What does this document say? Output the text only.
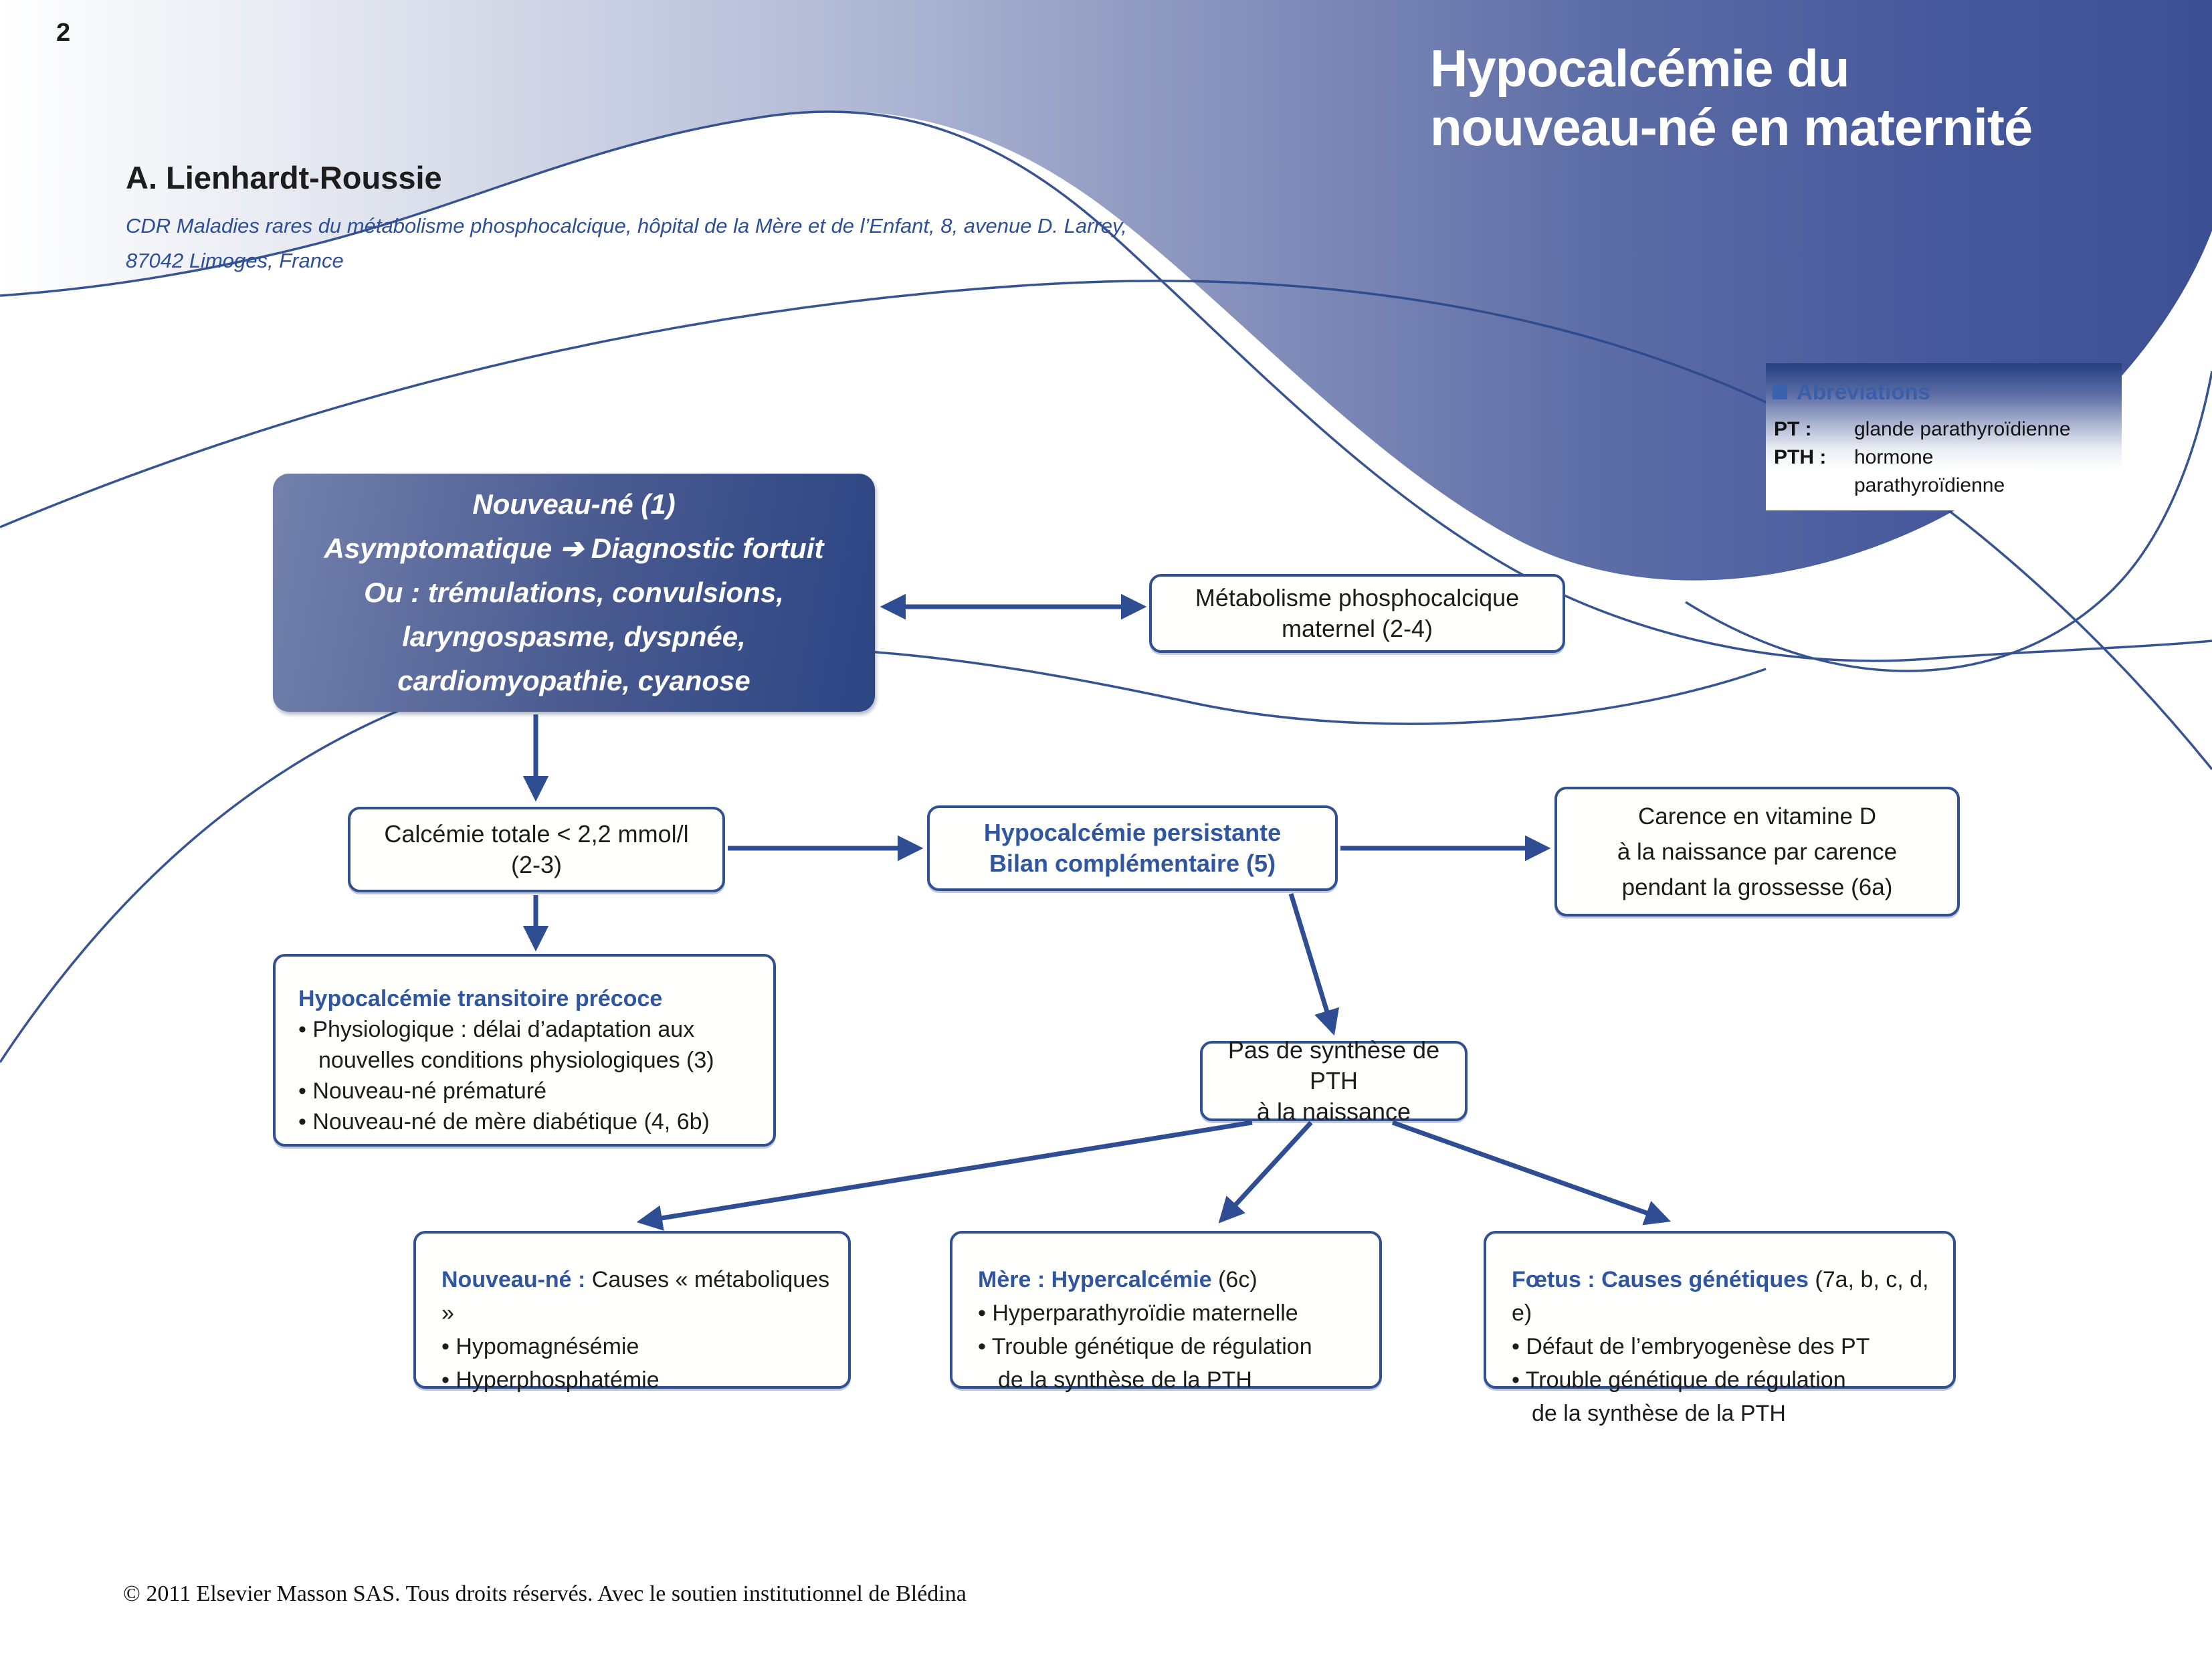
2
Hypocalcémie du
nouveau-né en maternité
A. Lienhardt-Roussie
CDR Maladies rares du métabolisme phosphocalcique, hôpital de la Mère et de l’Enfant, 8, avenue D. Larrey,
87042 Limoges, France
Abréviations
PT : glande parathyroïdienne
PTH : hormone
parathyroïdienne
Nouveau-né (1)
Asymptomatique ➔ Diagnostic fortuit
Ou : trémulations, convulsions,
laryngospasme, dyspnée,
cardiomyopathie, cyanose
Métabolisme phosphocalcique
maternel (2-4)
Calcémie totale < 2,2 mmol/l
(2-3)
Hypocalcémie persistante
Bilan complémentaire (5)
Carence en vitamine D
à la naissance par carence
pendant la grossesse (6a)
Hypocalcémie transitoire précoce
• Physiologique : délai d’adaptation aux
nouvelles conditions physiologiques (3)
• Nouveau-né prématuré
• Nouveau-né de mère diabétique (4, 6b)
Pas de synthèse de PTH
à la naissance
Nouveau-né : Causes « métaboliques »
• Hypomagnésémie
• Hyperphosphatémie
Mère : Hypercalcémie (6c)
• Hyperparathyroïdie maternelle
• Trouble génétique de régulation
de la synthèse de la PTH
Fœtus : Causes génétiques (7a, b, c, d, e)
• Défaut de l’embryogenèse des PT
• Trouble génétique de régulation
de la synthèse de la PTH
© 2011 Elsevier Masson SAS. Tous droits réservés. Avec le soutien institutionnel de Blédina
